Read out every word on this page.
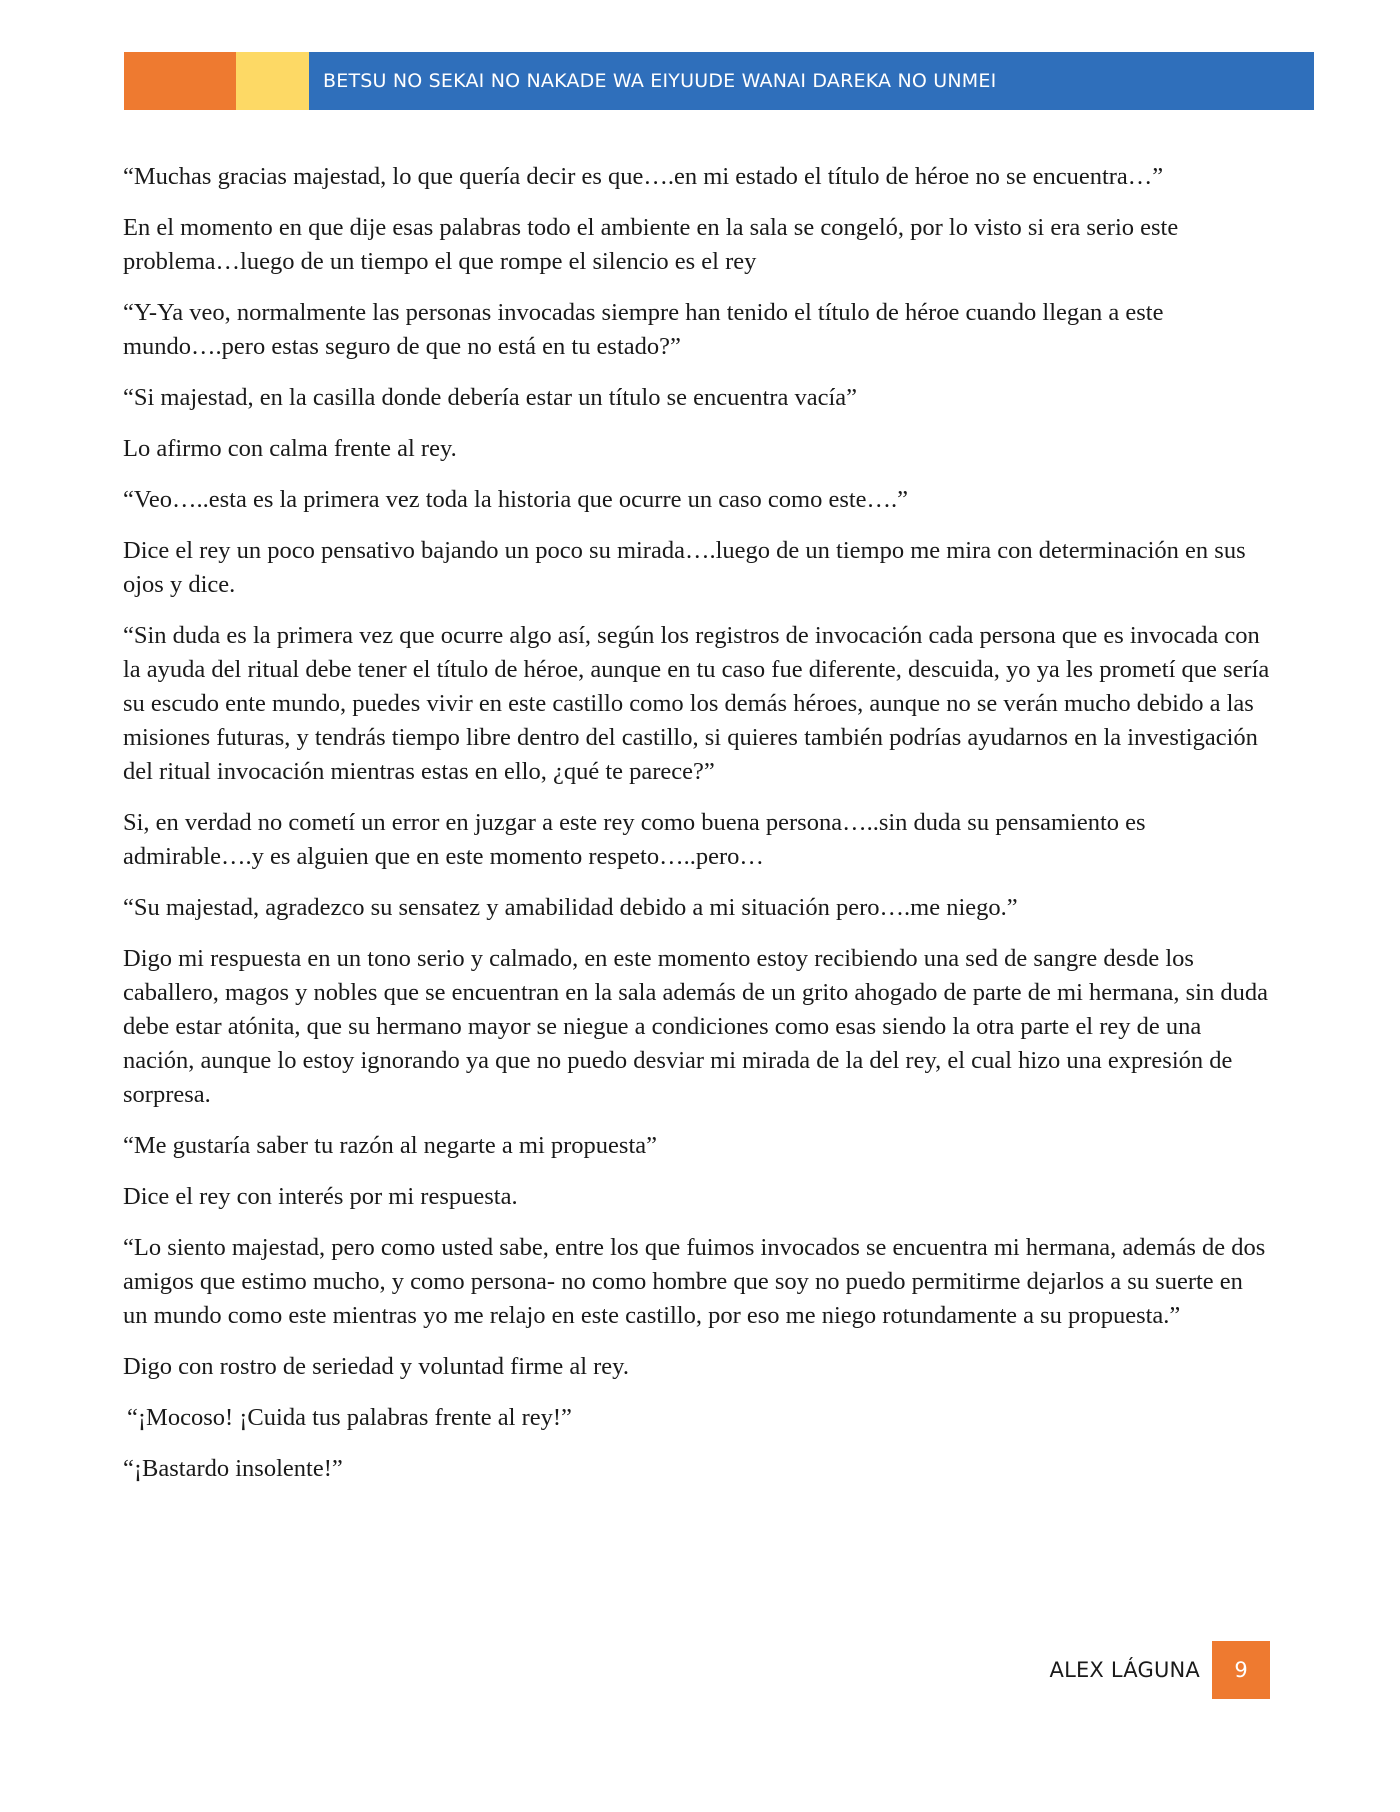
BETSU NO SEKAI NO NAKADE WA EIYUUDE WANAI DAREKA NO UNMEI

“Muchas gracias majestad, lo que quería decir es que….en mi estado el título de héroe no se encuentra…”

En el momento en que dije esas palabras todo el ambiente en la sala se congeló, por lo visto si era serio este problema…luego de un tiempo el que rompe el silencio es el rey

“Y-Ya veo, normalmente las personas invocadas siempre han tenido el título de héroe cuando llegan a este mundo….pero estas seguro de que no está en tu estado?”

“Si majestad, en la casilla donde debería estar un título se encuentra vacía”

Lo afirmo con calma frente al rey.

“Veo…..esta es la primera vez toda la historia que ocurre un caso como este….”

Dice el rey un poco pensativo bajando un poco su mirada….luego de un tiempo me mira con determinación en sus ojos y dice.

“Sin duda es la primera vez que ocurre algo así, según los registros de invocación cada persona que es invocada con la ayuda del ritual debe tener el título de héroe, aunque en tu caso fue diferente, descuida, yo ya les prometí que sería su escudo ente mundo, puedes vivir en este castillo como los demás héroes, aunque no se verán mucho debido a las misiones futuras, y tendrás tiempo libre dentro del castillo, si quieres también podrías ayudarnos en la investigación del ritual invocación mientras estas en ello, ¿qué te parece?”

Si, en verdad no cometí un error en juzgar a este rey como buena persona…..sin duda su pensamiento es admirable….y es alguien que en este momento respeto…..pero…

“Su majestad, agradezco su sensatez y amabilidad debido a mi situación pero….me niego.”

Digo mi respuesta en un tono serio y calmado, en este momento estoy recibiendo una sed de sangre desde los caballero, magos y nobles que se encuentran en la sala además de un grito ahogado de parte de mi hermana, sin duda debe estar atónita, que su hermano mayor se niegue a condiciones como esas siendo la otra parte el rey de una nación, aunque lo estoy ignorando ya que no puedo desviar mi mirada de la del rey, el cual hizo una expresión de sorpresa.

“Me gustaría saber tu razón al negarte a mi propuesta”

Dice el rey con interés por mi respuesta.

“Lo siento majestad, pero como usted sabe, entre los que fuimos invocados se encuentra mi hermana, además de dos amigos que estimo mucho, y como persona- no como hombre que soy no puedo permitirme dejarlos a su suerte en un mundo como este mientras yo me relajo en este castillo, por eso me niego rotundamente a su propuesta.”

Digo con rostro de seriedad y voluntad firme al rey.

“¡Mocoso! ¡Cuida tus palabras frente al rey!”

“¡Bastardo insolente!”

ALEX LÁGUNA 9
